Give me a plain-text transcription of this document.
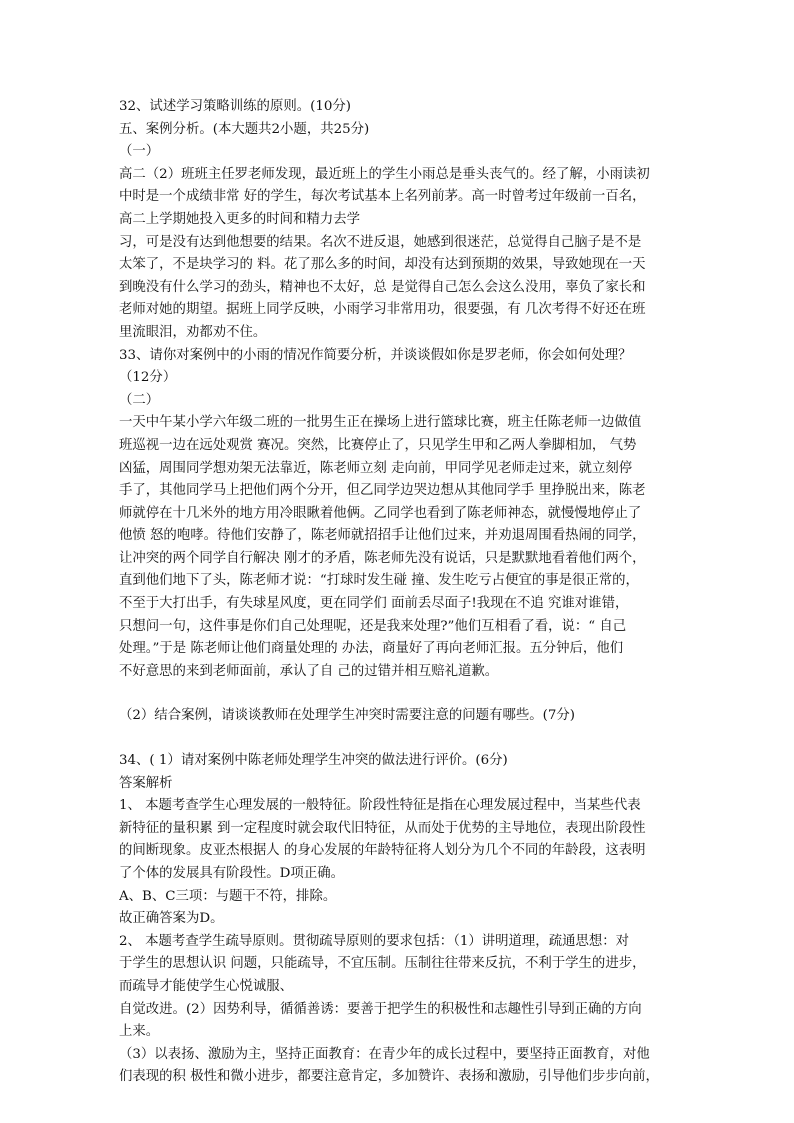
32、试述学习策略训练的原则。(10分)
五、案例分析。(本大题共2小题，共25分)
（一）
高二（2）班班主任罗老师发现，最近班上的学生小雨总是垂头丧气的。经了解，小雨读初
中时是一个成绩非常 好的学生，每次考试基本上名列前茅。高一时曾考过年级前一百名，
高二上学期她投入更多的时间和精力去学
习，可是没有达到他想要的结果。名次不进反退，她感到很迷茫，总觉得自己脑子是不是
太笨了，不是块学习的 料。花了那么多的时间，却没有达到预期的效果，导致她现在一天
到晚没有什么学习的劲头，精神也不太好，总 是觉得自己怎么会这么没用，辜负了家长和
老师对她的期望。据班上同学反映，小雨学习非常用功，很要强，有 几次考得不好还在班
里流眼泪，劝都劝不住。
33、请你对案例中的小雨的情况作简要分析，并谈谈假如你是罗老师，你会如何处理？
（12分）
（二）
一天中午某小学六年级二班的一批男生正在操场上进行篮球比赛，班主任陈老师一边做值
班巡视一边在远处观赏 赛况。突然，比赛停止了，只见学生甲和乙两人拳脚相加， 气势
凶猛，周围同学想劝架无法靠近，陈老师立刻 走向前，甲同学见老师走过来，就立刻停
手了，其他同学马上把他们两个分开，但乙同学边哭边想从其他同学手 里挣脱出来，陈老
师就停在十几米外的地方用冷眼瞅着他俩。乙同学也看到了陈老师神态，就慢慢地停止了
他愤 怒的咆哮。待他们安静了，陈老师就招招手让他们过来，并劝退周围看热闹的同学，
让冲突的两个同学自行解决 刚才的矛盾，陈老师先没有说话，只是默默地看着他们两个，
直到他们地下了头，陈老师才说：“打球时发生碰 撞、发生吃亏占便宜的事是很正常的，
不至于大打出手，有失球星风度，更在同学们 面前丢尽面子!我现在不追 究谁对谁错，
只想问一句，这件事是你们自己处理呢，还是我来处理?”他们互相看了看，说：“ 自己
处理。”于是 陈老师让他们商量处理的 办法，商量好了再向老师汇报。五分钟后，他们
不好意思的来到老师面前，承认了自 己的过错并相互赔礼道歉。
（2）结合案例，请谈谈教师在处理学生冲突时需要注意的问题有哪些。(7分)
34、( 1）请对案例中陈老师处理学生冲突的做法进行评价。(6分)
答案解析
1、 本题考查学生心理发展的一般特征。阶段性特征是指在心理发展过程中，当某些代表
新特征的量积累 到一定程度时就会取代旧特征，从而处于优势的主导地位，表现出阶段性
的间断现象。皮亚杰根据人 的身心发展的年龄特征将人划分为几个不同的年龄段，这表明
了个体的发展具有阶段性。D项正确。
A、B、C三项：与题干不符，排除。
故正确答案为D。
2、 本题考查学生疏导原则。贯彻疏导原则的要求包括：（1）讲明道理，疏通思想：对
于学生的思想认识 问题，只能疏导，不宜压制。压制往往带来反抗，不利于学生的进步，
而疏导才能使学生心悦诚服、
自觉改进。(2）因势利导，循循善诱：要善于把学生的积极性和志趣性引导到正确的方向
上来。
（3）以表扬、激励为主，坚持正面教育：在青少年的成长过程中，要坚持正面教育，对他
们表现的积 极性和微小进步，都要注意肯定，多加赞许、表扬和激励，引导他们步步向前，
